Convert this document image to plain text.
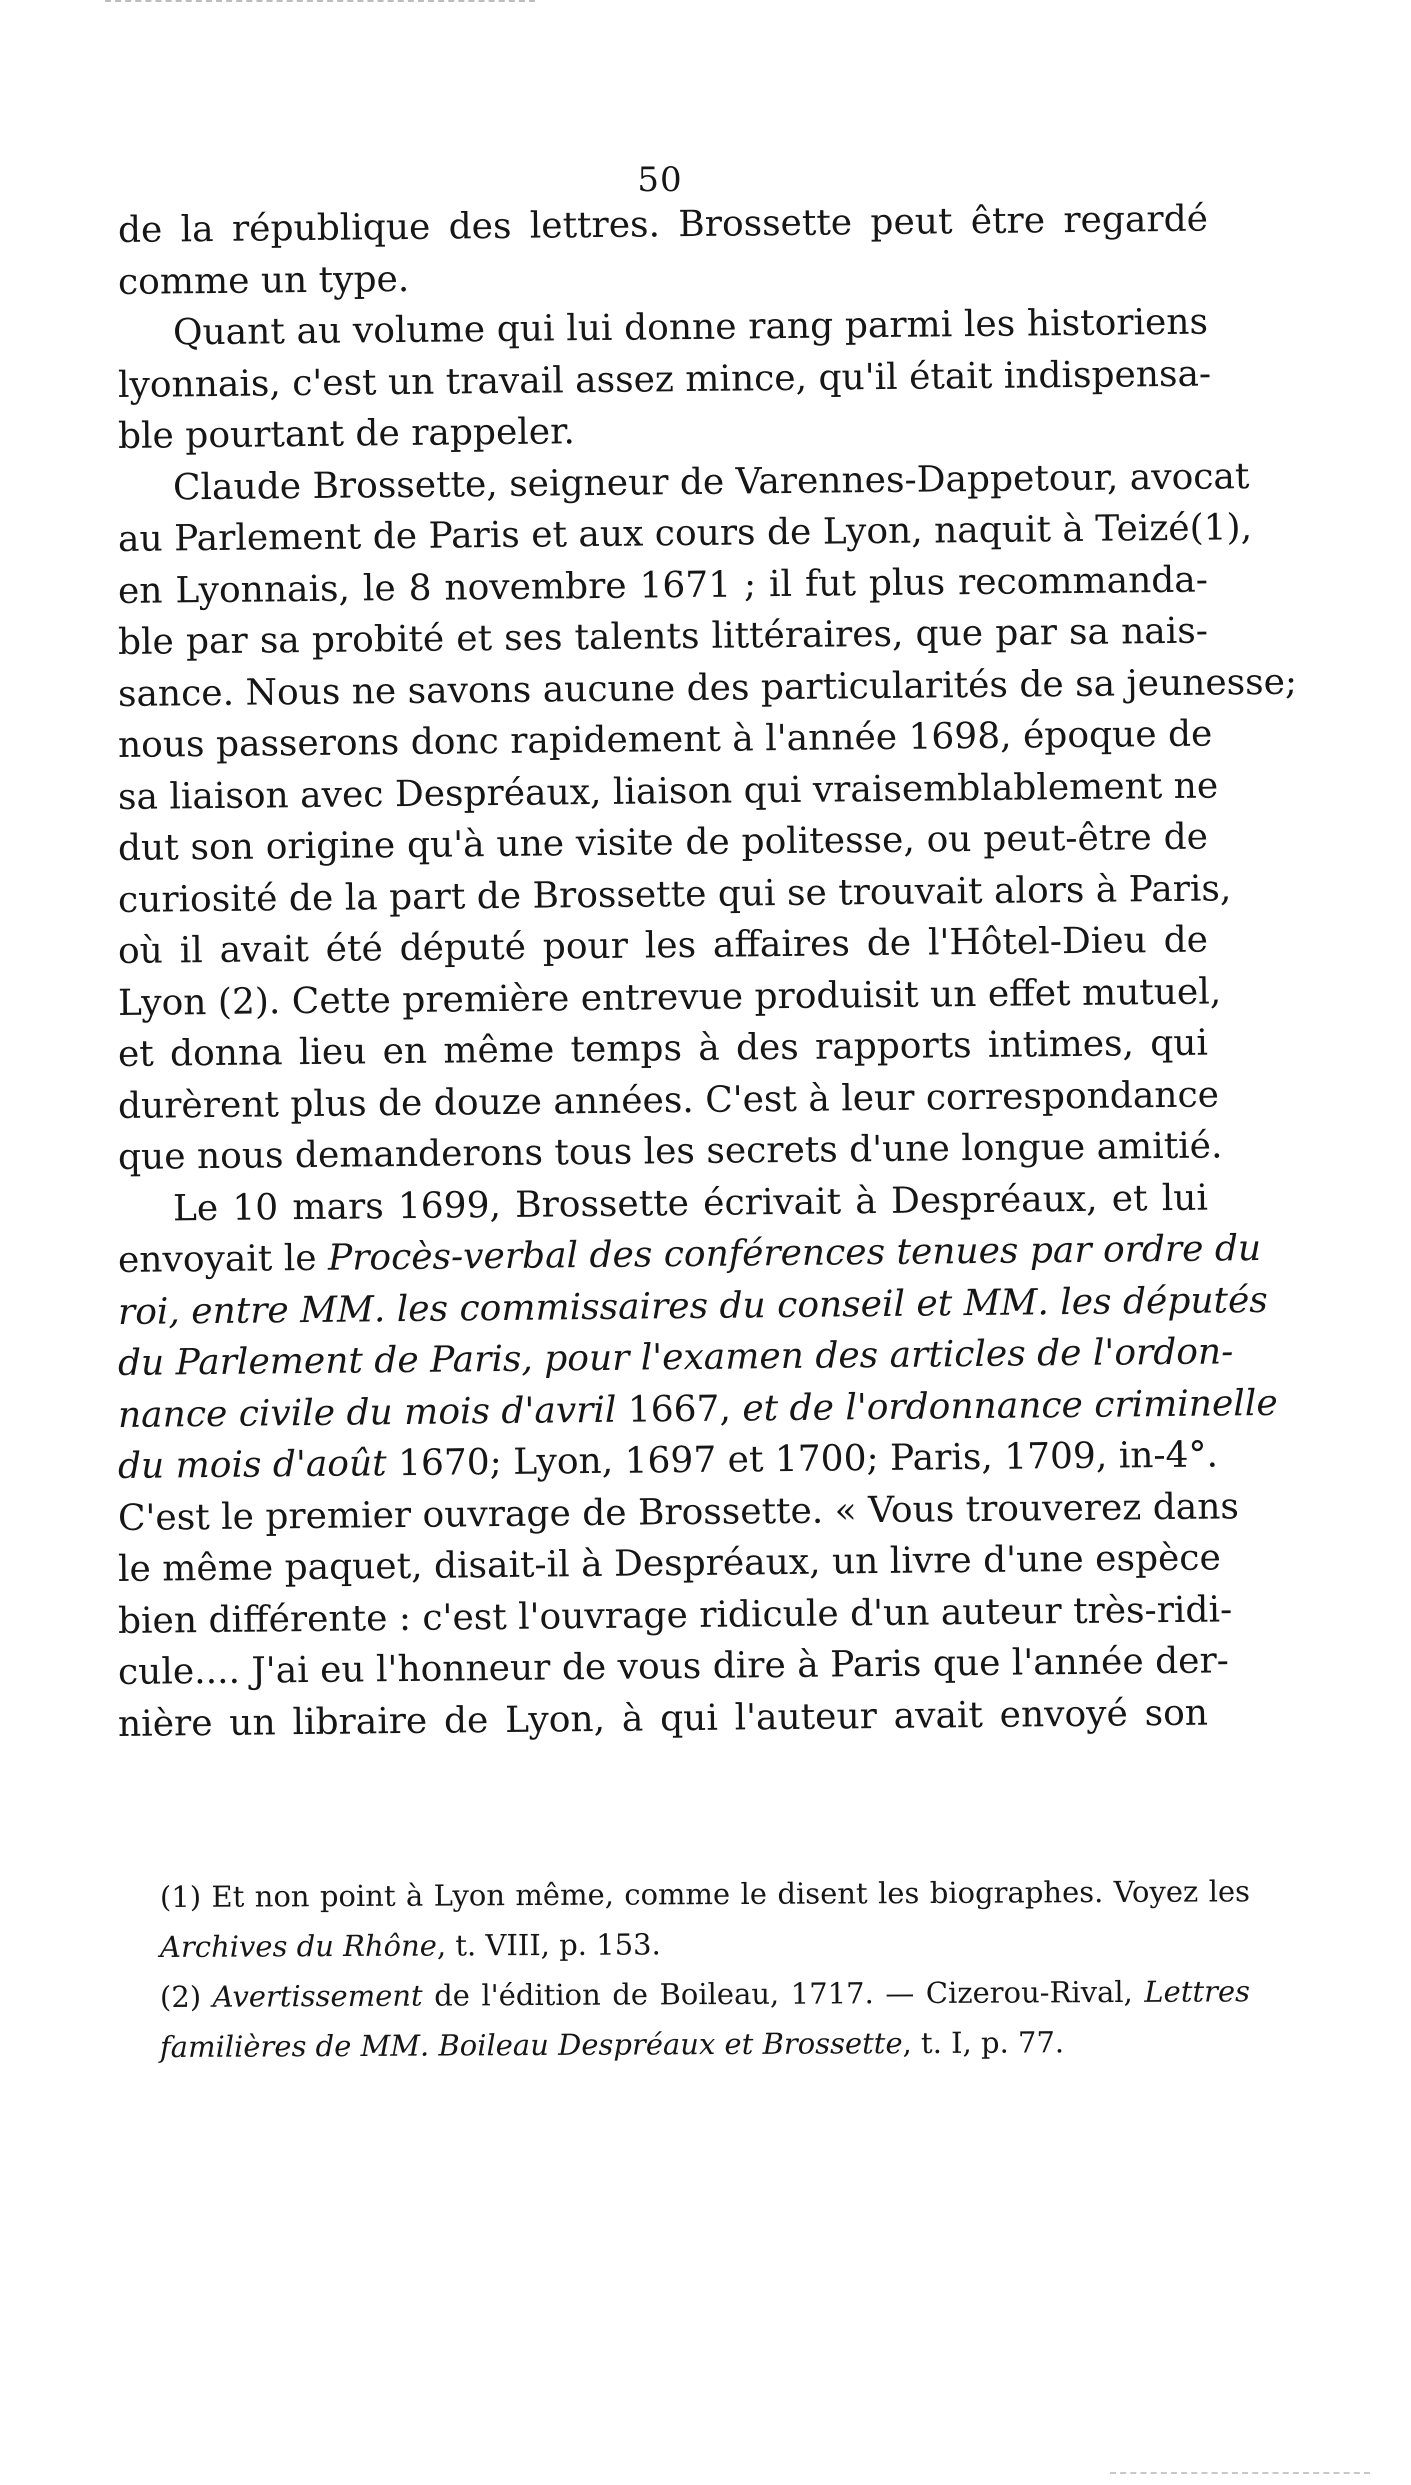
50
de la république des lettres. Brossette peut être regardé
comme un type.
Quant au volume qui lui donne rang parmi les historiens
lyonnais, c'est un travail assez mince, qu'il était indispensa-
ble pourtant de rappeler.
Claude Brossette, seigneur de Varennes-Dappetour, avocat
au Parlement de Paris et aux cours de Lyon, naquit à Teizé(1),
en Lyonnais, le 8 novembre 1671 ; il fut plus recommanda-
ble par sa probité et ses talents littéraires, que par sa nais-
sance. Nous ne savons aucune des particularités de sa jeunesse;
nous passerons donc rapidement à l'année 1698, époque de
sa liaison avec Despréaux, liaison qui vraisemblablement ne
dut son origine qu'à une visite de politesse, ou peut-être de
curiosité de la part de Brossette qui se trouvait alors à Paris,
où il avait été député pour les affaires de l'Hôtel-Dieu de
Lyon (2). Cette première entrevue produisit un effet mutuel,
et donna lieu en même temps à des rapports intimes, qui
durèrent plus de douze années. C'est à leur correspondance
que nous demanderons tous les secrets d'une longue amitié.
Le 10 mars 1699, Brossette écrivait à Despréaux, et lui
envoyait le Procès-verbal des conférences tenues par ordre du
roi, entre MM. les commissaires du conseil et MM. les députés
du Parlement de Paris, pour l'examen des articles de l'ordon-
nance civile du mois d'avril 1667, et de l'ordonnance criminelle
du mois d'août 1670; Lyon, 1697 et 1700; Paris, 1709, in-4°.
C'est le premier ouvrage de Brossette. « Vous trouverez dans
le même paquet, disait-il à Despréaux, un livre d'une espèce
bien différente : c'est l'ouvrage ridicule d'un auteur très-ridi-
cule.... J'ai eu l'honneur de vous dire à Paris que l'année der-
nière un libraire de Lyon, à qui l'auteur avait envoyé son
(1) Et non point à Lyon même, comme le disent les biographes. Voyez les
Archives du Rhône, t. VIII, p. 153.
(2) Avertissement de l'édition de Boileau, 1717. — Cizerou-Rival, Lettres
familières de MM. Boileau Despréaux et Brossette, t. I, p. 77.
